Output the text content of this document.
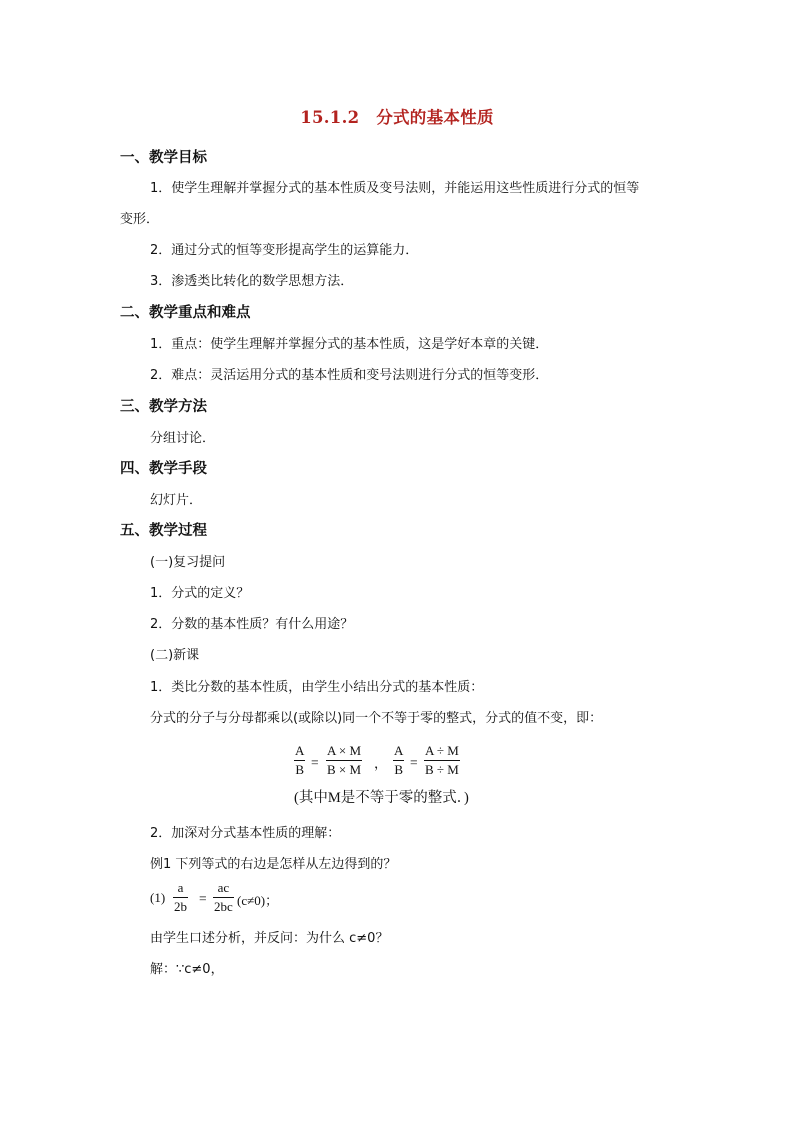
15.1.2　分式的基本性质
一、教学目标
1．使学生理解并掌握分式的基本性质及变号法则，并能运用这些性质进行分式的恒等
变形．
2．通过分式的恒等变形提高学生的运算能力．
3．渗透类比转化的数学思想方法．
二、教学重点和难点
1．重点：使学生理解并掌握分式的基本性质，这是学好本章的关键．
2．难点：灵活运用分式的基本性质和变号法则进行分式的恒等变形．
三、教学方法
分组讨论．
四、教学手段
幻灯片．
五、教学过程
(一)复习提问
1．分式的定义？
2．分数的基本性质？有什么用途？
(二)新课
1．类比分数的基本性质，由学生小结出分式的基本性质：
分式的分子与分母都乘以(或除以)同一个不等于零的整式，分式的值不变，即：
A
B =
A × M
B × M ，
A
B =
A ÷ M
B ÷ M
(其中M是不等于零的整式．)
2．加深对分式基本性质的理解：
例1 下列等式的右边是怎样从左边得到的？
(1)
a
2b
=
ac
2bc (c≠0)；
由学生口述分析，并反问：为什么 c≠0？
解：∵c≠0，
